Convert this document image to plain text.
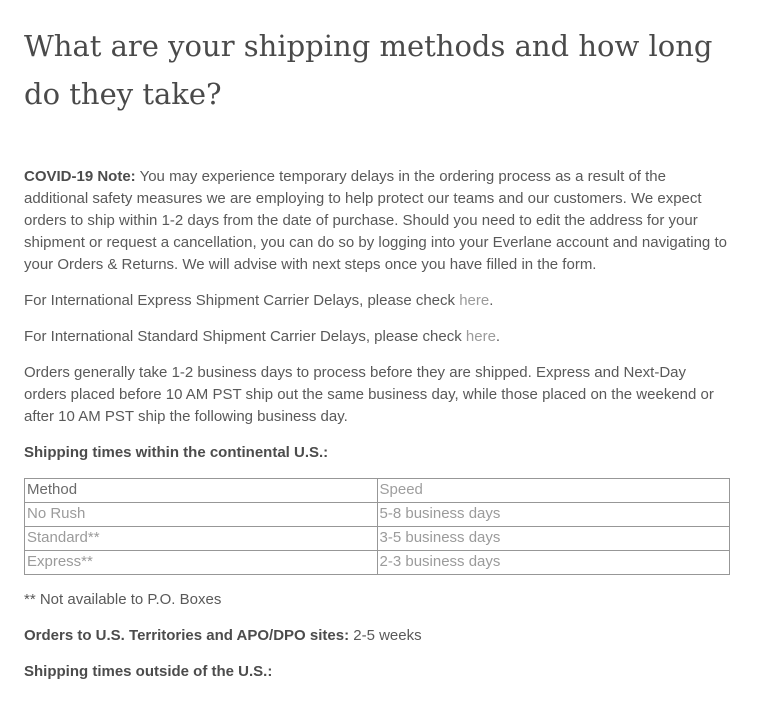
What are your shipping methods and how long
do they take?

COVID-19 Note: You may experience temporary delays in the ordering process as a result of the additional safety measures we are employing to help protect our teams and our customers. We expect orders to ship within 1-2 days from the date of purchase. Should you need to edit the address for your shipment or request a cancellation, you can do so by logging into your Everlane account and navigating to your Orders & Returns. We will advise with next steps once you have filled in the form.

For International Express Shipment Carrier Delays, please check here.

For International Standard Shipment Carrier Delays, please check here.

Orders generally take 1-2 business days to process before they are shipped. Express and Next-Day orders placed before 10 AM PST ship out the same business day, while those placed on the weekend or after 10 AM PST ship the following business day.

Shipping times within the continental U.S.:

Method	Speed
No Rush	5-8 business days
Standard**	3-5 business days
Express**	2-3 business days

** Not available to P.O. Boxes

Orders to U.S. Territories and APO/DPO sites: 2-5 weeks

Shipping times outside of the U.S.:
